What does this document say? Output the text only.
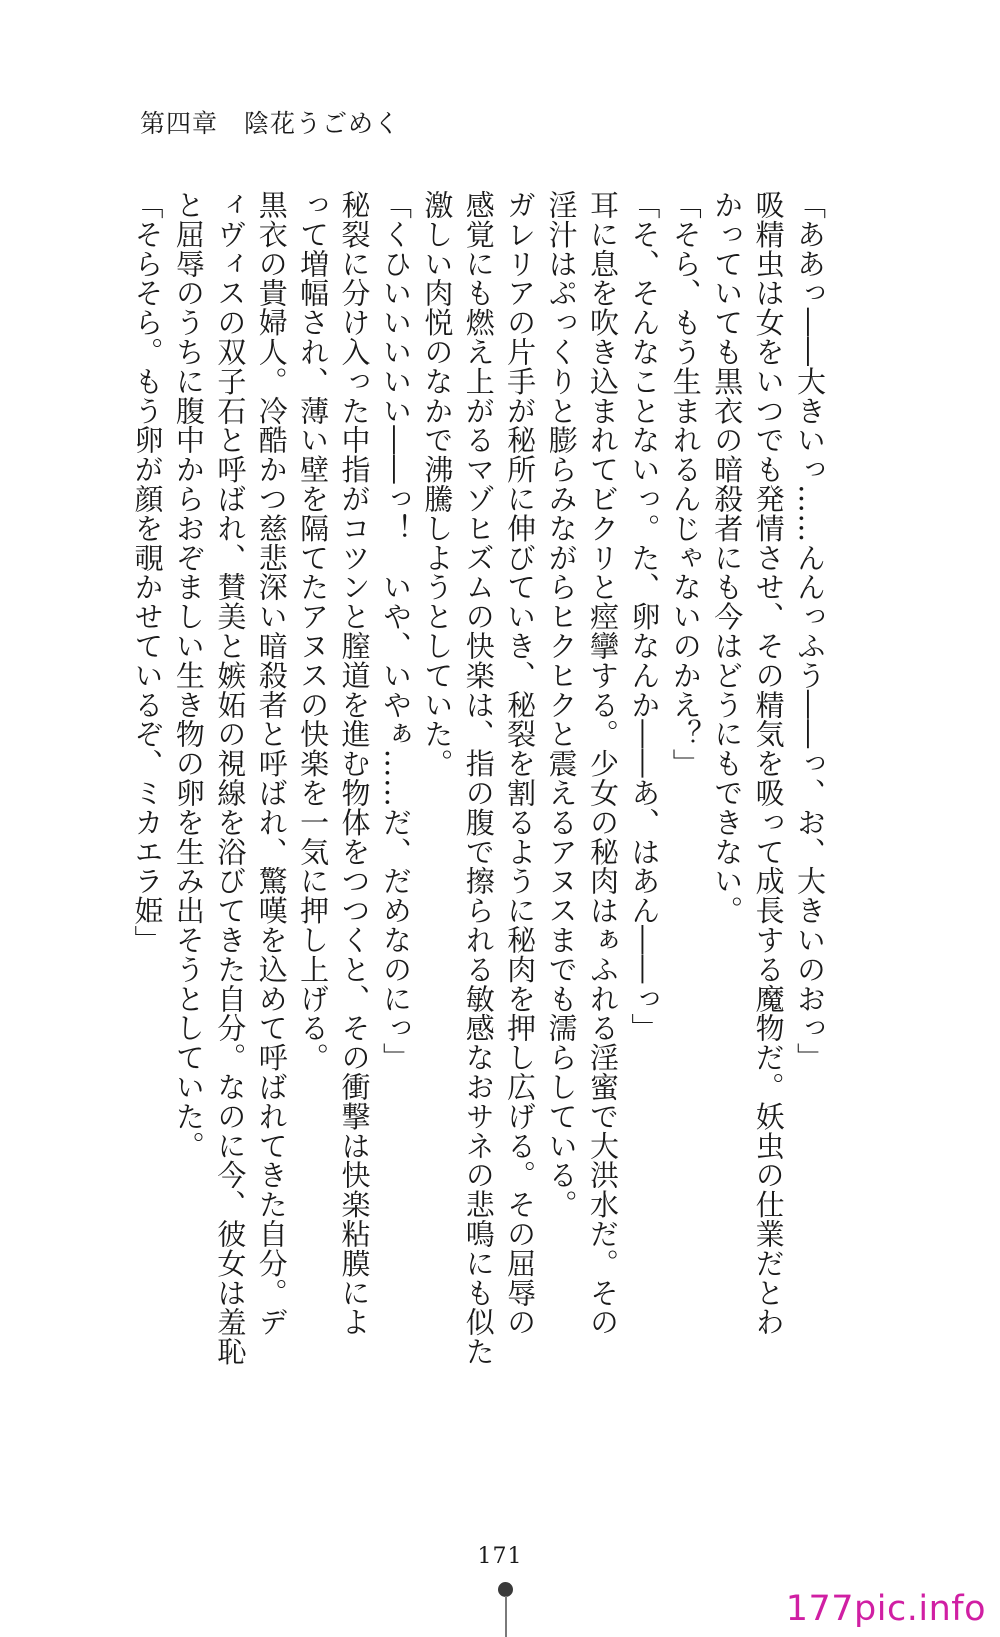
第四章　陰花うごめく
「ああっ――大きいっ……んんっふう――っ、お、大きいのおっ」
吸精虫は女をいつでも発情させ、その精気を吸って成長する魔物だ。妖虫の仕業だとわ
かっていても黒衣の暗殺者にも今はどうにもできない。
「そら、もう生まれるんじゃないのかえ？」
「そ、そんなことないっ。た、卵なんか――あ、はあん――っ」
耳に息を吹き込まれてビクリと痙攣する。少女の秘肉はぁふれる淫蜜で大洪水だ。その
淫汁はぷっくりと膨らみながらヒクヒクと震えるアヌスまでも濡らしている。
ガレリアの片手が秘所に伸びていき、秘裂を割るように秘肉を押し広げる。その屈辱の
感覚にも燃え上がるマゾヒズムの快楽は、指の腹で擦られる敏感なおサネの悲鳴にも似た
激しい肉悦のなかで沸騰しようとしていた。
「くひいいいいい――っ！　いや、いやぁ……だ、だめなのにっ」
秘裂に分け入った中指がコツンと膣道を進む物体をつつくと、その衝撃は快楽粘膜によ
って増幅され、薄い壁を隔てたアヌスの快楽を一気に押し上げる。
黒衣の貴婦人。冷酷かつ慈悲深い暗殺者と呼ばれ、驚嘆を込めて呼ばれてきた自分。デ
ィヴィスの双子石と呼ばれ、賛美と嫉妬の視線を浴びてきた自分。なのに今、彼女は羞恥
と屈辱のうちに腹中からおぞましい生き物の卵を生み出そうとしていた。
「そらそら。もう卵が顔を覗かせているぞ、ミカエラ姫」
171
177pic.info
